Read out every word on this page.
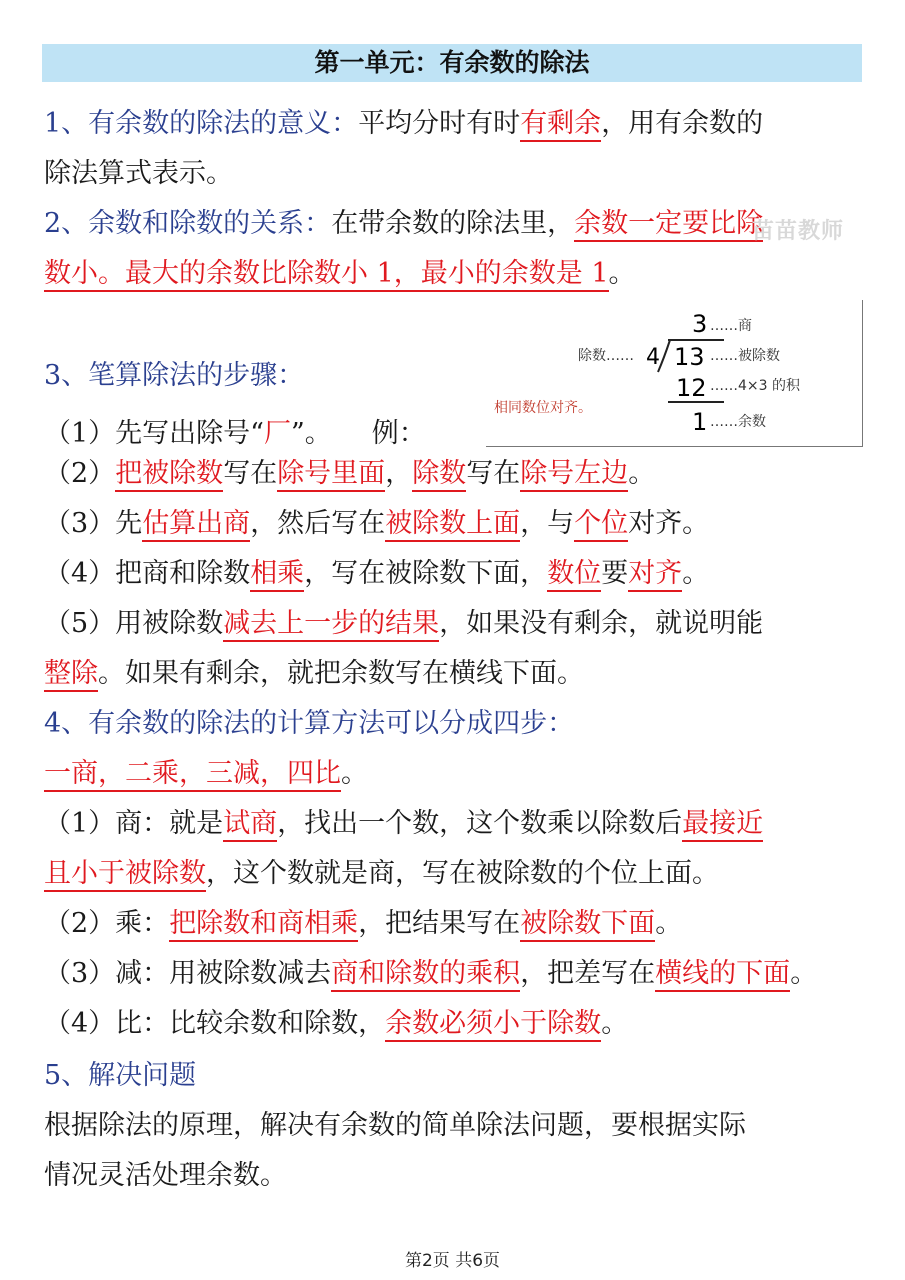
第一单元：有余数的除法
1、有余数的除法的意义：平均分时有时有剩余，用有余数的
除法算式表示。
2、余数和除数的关系：在带余数的除法里，余数一定要比除
数小。最大的余数比除数小 1，最小的余数是 1。
3、笔算除法的步骤：
（1）先写出除号“厂”。 例：
（2）把被除数写在除号里面，除数写在除号左边。
（3）先估算出商，然后写在被除数上面，与个位对齐。
（4）把商和除数相乘，写在被除数下面，数位要对齐。
（5）用被除数减去上一步的结果，如果没有剩余，就说明能
整除。如果有剩余，就把余数写在横线下面。
3 ……商
除数…… 4 13 ……被除数
12 ……4×3 的积
1 ……余数
相同数位对齐。
4、有余数的除法的计算方法可以分成四步：
一商，二乘，三减，四比。
（1）商：就是试商，找出一个数，这个数乘以除数后最接近
且小于被除数，这个数就是商，写在被除数的个位上面。
（2）乘：把除数和商相乘，把结果写在被除数下面。
（3）减：用被除数减去商和除数的乘积，把差写在横线的下面。
（4）比：比较余数和除数，余数必须小于除数。
5、解决问题
根据除法的原理，解决有余数的简单除法问题，要根据实际
情况灵活处理余数。
苗苗教师
第2页 共6页
